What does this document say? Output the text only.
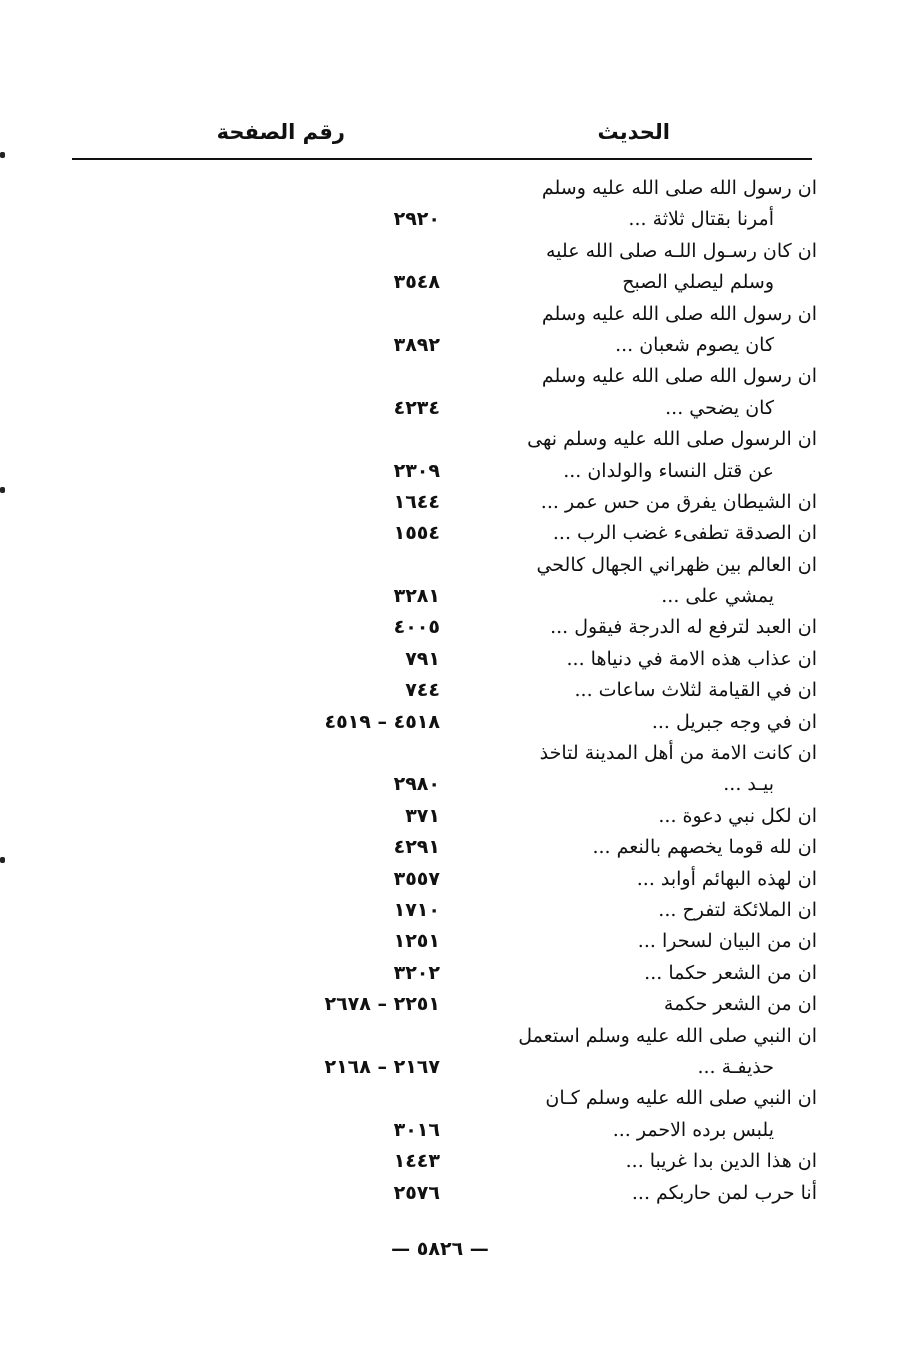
الحديث
رقم الصفحة
ان رسول الله صلى الله عليه وسلم
أمرنا بقتال ثلاثة ...
٢٩٢٠
ان كان رسـول اللـه صلى الله عليه
وسلم ليصلي الصبح
٣٥٤٨
ان رسول الله صلى الله عليه وسلم
كان يصوم شعبان ...
٣٨٩٢
ان رسول الله صلى الله عليه وسلم
كان يضحي ...
٤٢٣٤
ان الرسول صلى الله عليه وسلم نهى
عن قتل النساء والولدان ...
٢٣٠٩
ان الشيطان يفرق من حس عمر ...
١٦٤٤
ان الصدقة تطفىء غضب الرب ...
١٥٥٤
ان العالم بين ظهراني الجهال كالحي
يمشي على ...
٣٢٨١
ان العبد لترفع له الدرجة فيقول ...
٤٠٠٥
ان عذاب هذه الامة في دنياها ...
٧٩١
ان في القيامة لثلاث ساعات ...
٧٤٤
ان في وجه جبريل ...
٤٥١٨ – ٤٥١٩
ان كانت الامة من أهل المدينة لتاخذ
بيـد ...
٢٩٨٠
ان لكل نبي دعوة ...
٣٧١
ان لله قوما يخصهم بالنعم ...
٤٢٩١
ان لهذه البهائم أوابد ...
٣٥٥٧
ان الملائكة لتفرح ...
١٧١٠
ان من البيان لسحرا ...
١٢٥١
ان من الشعر حكما ...
٣٢٠٢
ان من الشعر حكمة
٢٢٥١ – ٢٦٧٨
ان النبي صلى الله عليه وسلم استعمل
حذيفـة ...
٢١٦٧ – ٢١٦٨
ان النبي صلى الله عليه وسلم كـان
يلبس برده الاحمر ...
٣٠١٦
ان هذا الدين بدا غريبا ...
١٤٤٣
أنا حرب لمن حاربكم ...
٢٥٧٦
— ٥٨٢٦ —
